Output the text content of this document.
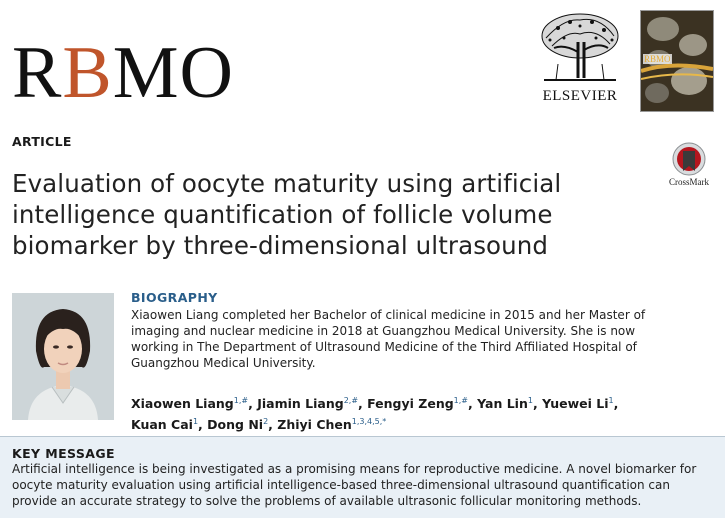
RBMO	ELSEVIER
RBMO
ARTICLE
CrossMark
Evaluation of oocyte maturity using artificial intelligence quantification of follicle volume biomarker by three-dimensional ultrasound
BIOGRAPHY
Xiaowen Liang completed her Bachelor of clinical medicine in 2015 and her Master of imaging and nuclear medicine in 2018 at Guangzhou Medical University. She is now working in The Department of Ultrasound Medicine of the Third Affiliated Hospital of Guangzhou Medical University.
Xiaowen Liang$^{1,\#}$, Jiamin Liang$^{2,\#}$, Fengyi Zeng$^{1,\#}$, Yan Lin$^1$, Yuewei Li$^1$,
Kuan Cai$^1$, Dong Ni$^2$, Zhiyi Chen$^{1,3,4,5,*}$
KEY MESSAGE
Artificial intelligence is being investigated as a promising means for reproductive medicine. A novel biomarker for oocyte maturity evaluation using artificial intelligence-based three-dimensional ultrasound quantification can provide an accurate strategy to solve the problems of available ultrasonic follicular monitoring methods.
